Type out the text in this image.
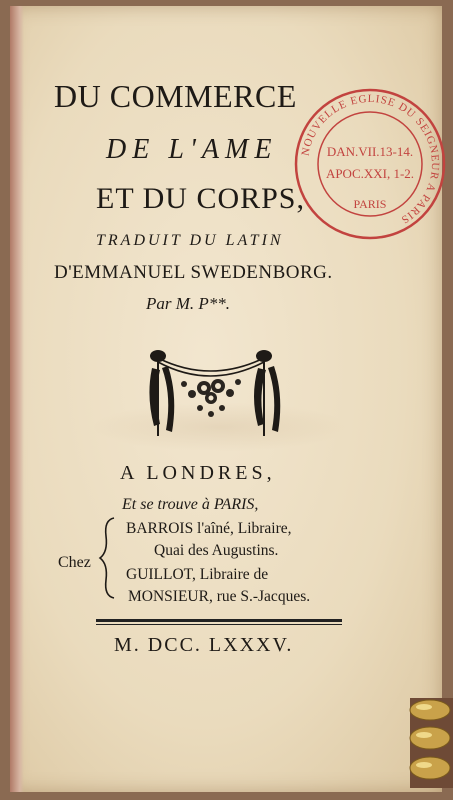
DU COMMERCE
DE L'AME
ET DU CORPS,
TRADUIT DU LATIN
D'EMMANUEL SWEDENBORG.
Par M. P**.
A LONDRES,
Et se trouve à PARIS,
Chez
BARROIS l'aîné, Libraire,
Quai des Augustins.
GUILLOT, Libraire de
MONSIEUR, rue S.-Jacques.
M. DCC. LXXXV.
NOUVELLE EGLISE DU SEIGNEUR A PARIS
DAN.VII.13-14.
APOC.XXI, 1-2.
PARIS
